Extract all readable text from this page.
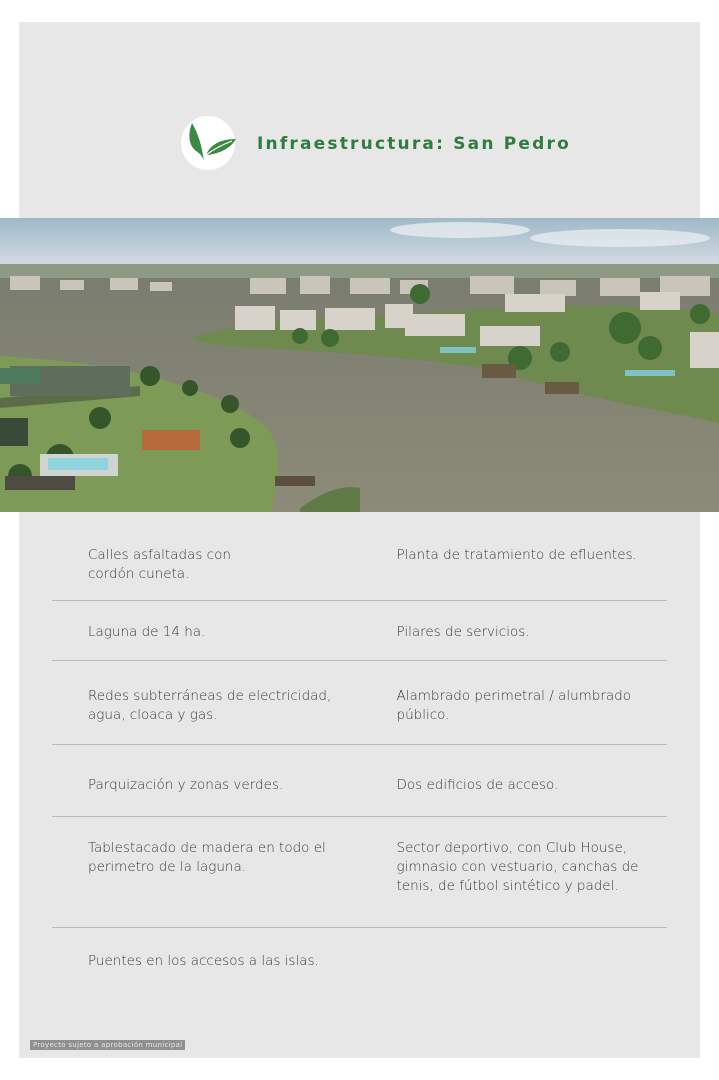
Infraestructura: San Pedro
Calles asfaltadas con
cordón cuneta.
Planta de tratamiento de efluentes.
Laguna de 14 ha.	Pilares de servicios.
Redes subterráneas de electricidad,
agua, cloaca y gas.
Alambrado perimetral / alumbrado
público.
Parquización y zonas verdes.	Dos edificios de acceso.
Tablestacado de madera en todo el
perimetro de la laguna.
Sector deportivo, con Club House,
gimnasio con vestuario, canchas de
tenis, de fútbol sintético y padel.
Puentes en los accesos a las islas.
Proyecto sujeto a aprobación municipal
